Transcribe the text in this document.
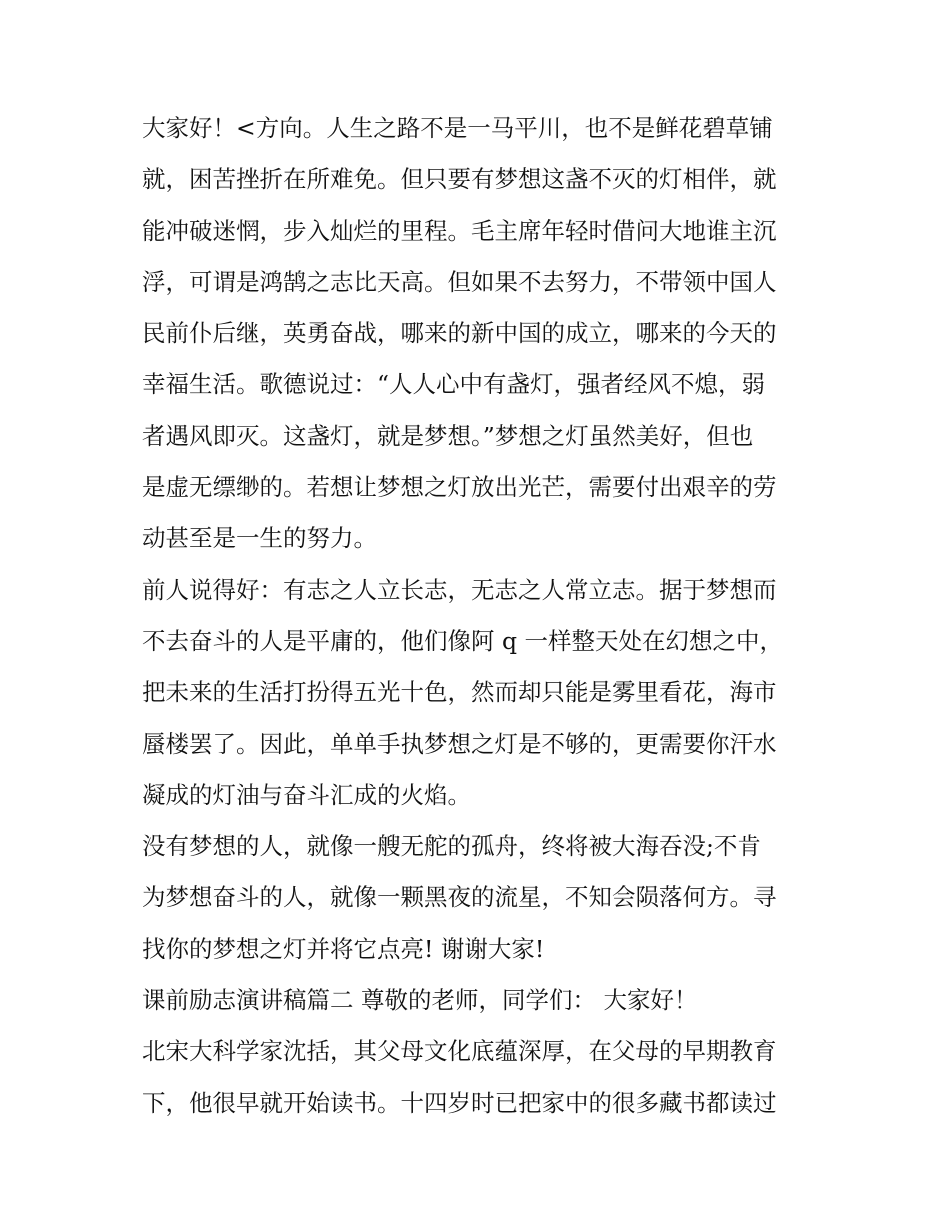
大家好！<方向。人生之路不是一马平川，也不是鲜花碧草铺
就，困苦挫折在所难免。但只要有梦想这盏不灭的灯相伴，就
能冲破迷惘，步入灿烂的里程。毛主席年轻时借问大地谁主沉
浮，可谓是鸿鹄之志比天高。但如果不去努力，不带领中国人
民前仆后继，英勇奋战，哪来的新中国的成立，哪来的今天的
幸福生活。歌德说过：“人人心中有盏灯，强者经风不熄，弱
者遇风即灭。这盏灯，就是梦想。”梦想之灯虽然美好，但也
是虚无缥缈的。若想让梦想之灯放出光芒，需要付出艰辛的劳
动甚至是一生的努力。
前人说得好：有志之人立长志，无志之人常立志。据于梦想而
不去奋斗的人是平庸的，他们像阿 q 一样整天处在幻想之中，
把未来的生活打扮得五光十色，然而却只能是雾里看花，海市
蜃楼罢了。因此，单单手执梦想之灯是不够的，更需要你汗水
凝成的灯油与奋斗汇成的火焰。
没有梦想的人，就像一艘无舵的孤舟，终将被大海吞没;不肯
为梦想奋斗的人，就像一颗黑夜的流星，不知会陨落何方。寻
找你的梦想之灯并将它点亮! 谢谢大家!
课前励志演讲稿篇二 尊敬的老师，同学们： 大家好！
北宋大科学家沈括，其父母文化底蕴深厚，在父母的早期教育
下，他很早就开始读书。十四岁时已把家中的很多藏书都读过
